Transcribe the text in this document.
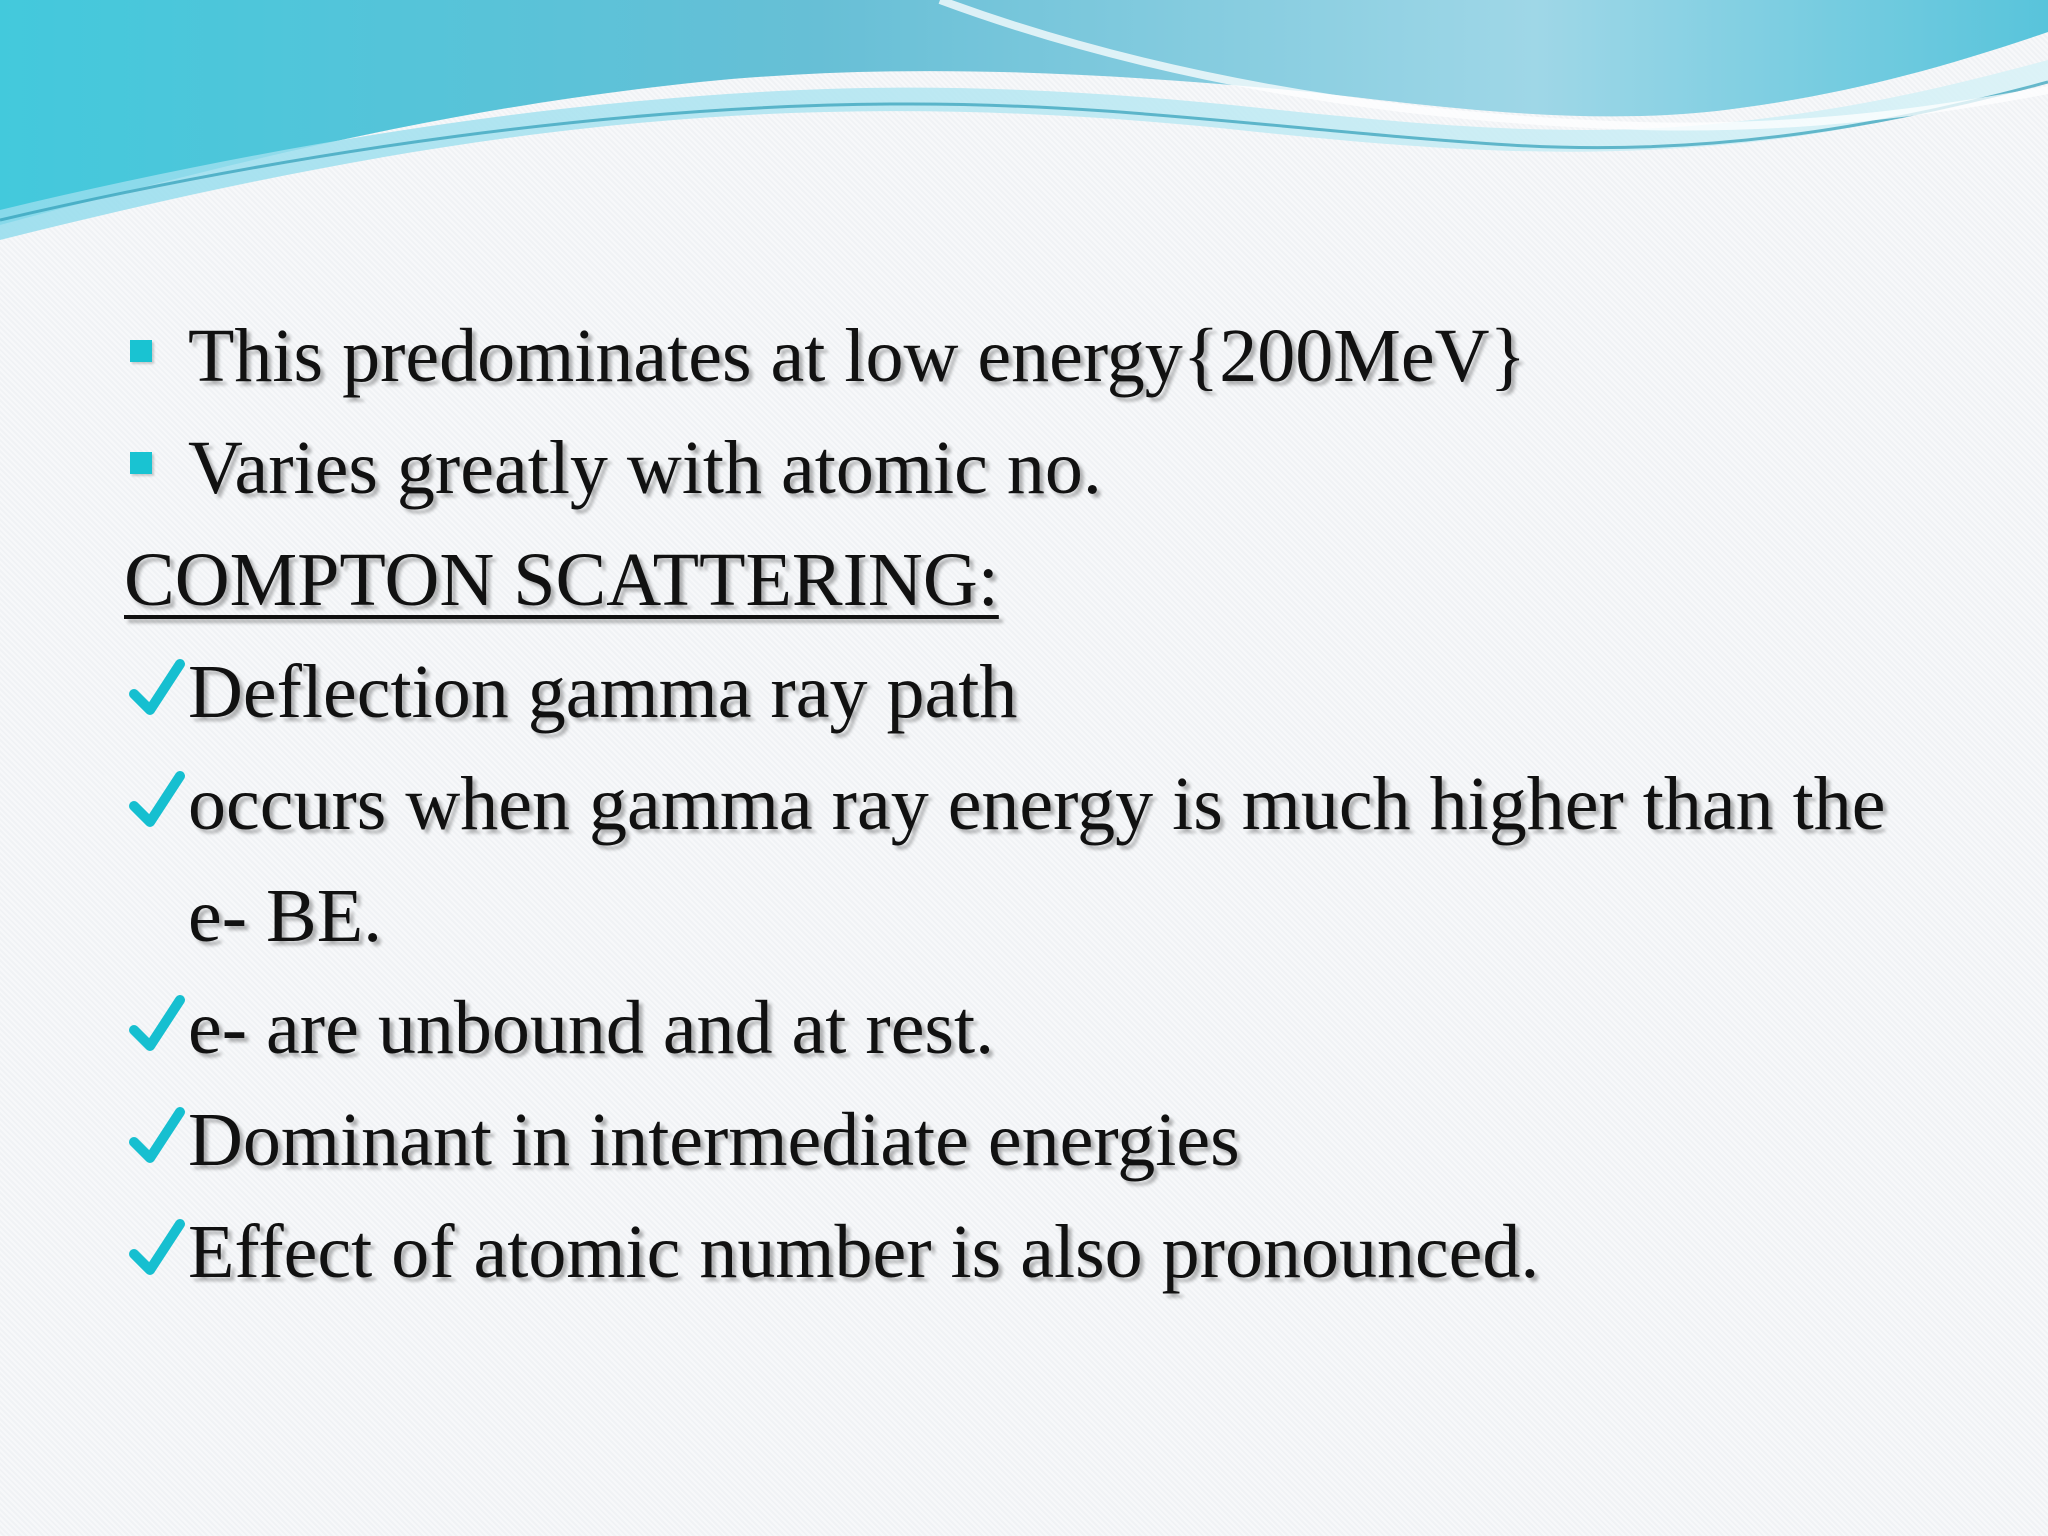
This predominates at low energy{200MeV}
Varies greatly with atomic no.
COMPTON SCATTERING:
Deflection gamma ray path
occurs when gamma ray energy is much higher than the e- BE.
e- are unbound and at rest.
Dominant in intermediate energies
Effect of atomic number is also pronounced.
